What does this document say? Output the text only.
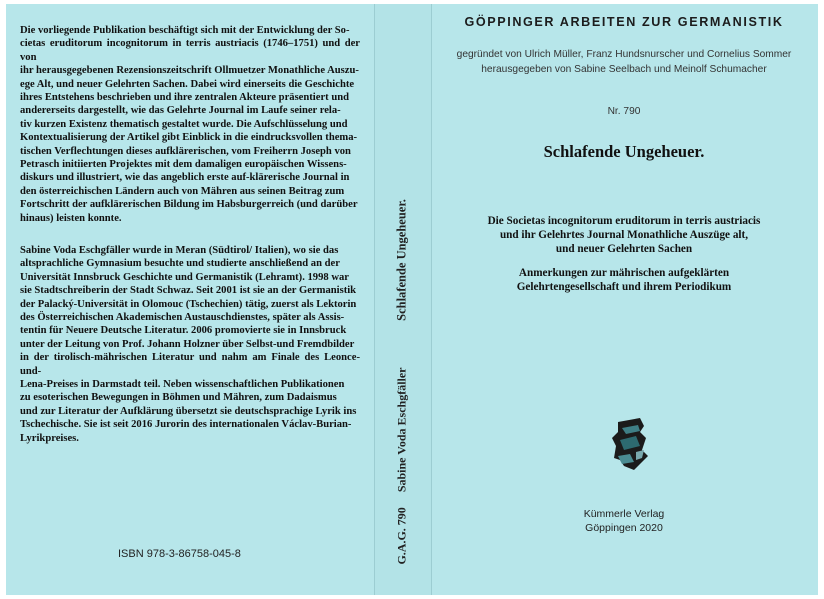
Die vorliegende Publikation beschäftigt sich mit der Entwicklung der So-
cietas eruditorum incognitorum in terris austriacis (1746–1751) und der von
ihr herausgegebenen Rezensionszeitschrift Ollmuetzer Monathliche Auszu-
ege Alt, und neuer Gelehrten Sachen. Dabei wird einerseits die Geschichte
ihres Entstehens beschrieben und ihre zentralen Akteure präsentiert und
andererseits dargestellt, wie das Gelehrte Journal im Laufe seiner rela-
tiv kurzen Existenz thematisch gestaltet wurde. Die Aufschlüsselung und
Kontextualisierung der Artikel gibt Einblick in die eindrucksvollen thema-
tischen Verflechtungen dieses aufklärerischen, vom Freiherrn Joseph von
Petrasch initiierten Projektes mit dem damaligen europäischen Wissens-
diskurs und illustriert, wie das angeblich erste auf-klärerische Journal in
den österreichischen Ländern auch von Mähren aus seinen Beitrag zum
Fortschritt der aufklärerischen Bildung im Habsburgerreich (und darüber
hinaus) leisten konnte.
Sabine Voda Eschgfäller wurde in Meran (Südtirol/ Italien), wo sie das
altsprachliche Gymnasium besuchte und studierte anschließend an der
Universität Innsbruck Geschichte und Germanistik (Lehramt). 1998 war
sie Stadtschreiberin der Stadt Schwaz. Seit 2001 ist sie an der Germanistik
der Palacký-Universität in Olomouc (Tschechien) tätig, zuerst als Lektorin
des Österreichischen Akademischen Austauschdienstes, später als Assis-
tentin für Neuere Deutsche Literatur. 2006 promovierte sie in Innsbruck
unter der Leitung von Prof. Johann Holzner über Selbst-und Fremdbilder
in der tirolisch-mährischen Literatur und nahm am Finale des Leonce-und-
Lena-Preises in Darmstadt teil. Neben wissenschaftlichen Publikationen
zu esoterischen Bewegungen in Böhmen und Mähren, zum Dadaismus
und zur Literatur der Aufklärung übersetzt sie deutschsprachige Lyrik ins
Tschechische. Sie ist seit 2016 Jurorin des internationalen Václav-Burian-
Lyrikpreises.
ISBN 978-3-86758-045-8
Schlafende Ungeheuer.
G.A.G. 790 Sabine Voda Eschgfäller
GÖPPINGER ARBEITEN ZUR GERMANISTIK
gegründet von Ulrich Müller, Franz Hundsnurscher und Cornelius Sommer
herausgegeben von Sabine Seelbach und Meinolf Schumacher
Nr. 790
Schlafende Ungeheuer.
Die Societas incognitorum eruditorum in terris austriacis
und ihr Gelehrtes Journal Monathliche Auszüge alt,
und neuer Gelehrten Sachen
Anmerkungen zur mährischen aufgeklärten
Gelehrtengesellschaft und ihrem Periodikum
Kümmerle Verlag
Göppingen 2020
